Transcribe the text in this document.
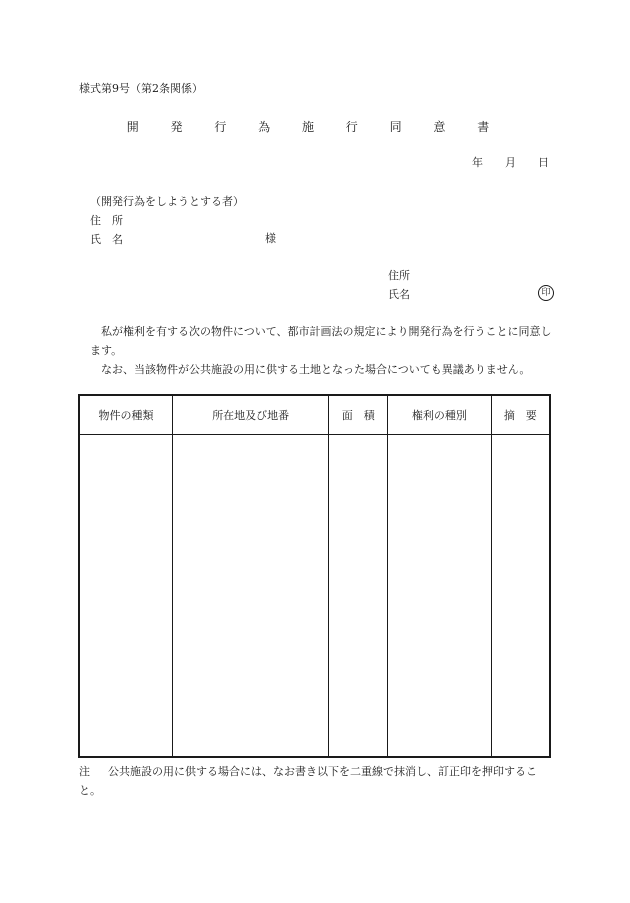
様式第9号（第2条関係）
開 発 行 為 施 行 同 意 書
年 月 日
（開発行為をしようとする者）
住　所
氏　名	様
住所
氏名	印

私が権利を有する次の物件について、都市計画法の規定により開発行為を行うことに同意します。

なお、当該物件が公共施設の用に供する土地となった場合についても異議ありません。

物件の種類	所在地及び地番	面　積	権利の種別	摘　要

注　 公共施設の用に供する場合には、なお書き以下を二重線で抹消し、訂正印を押印すること。
